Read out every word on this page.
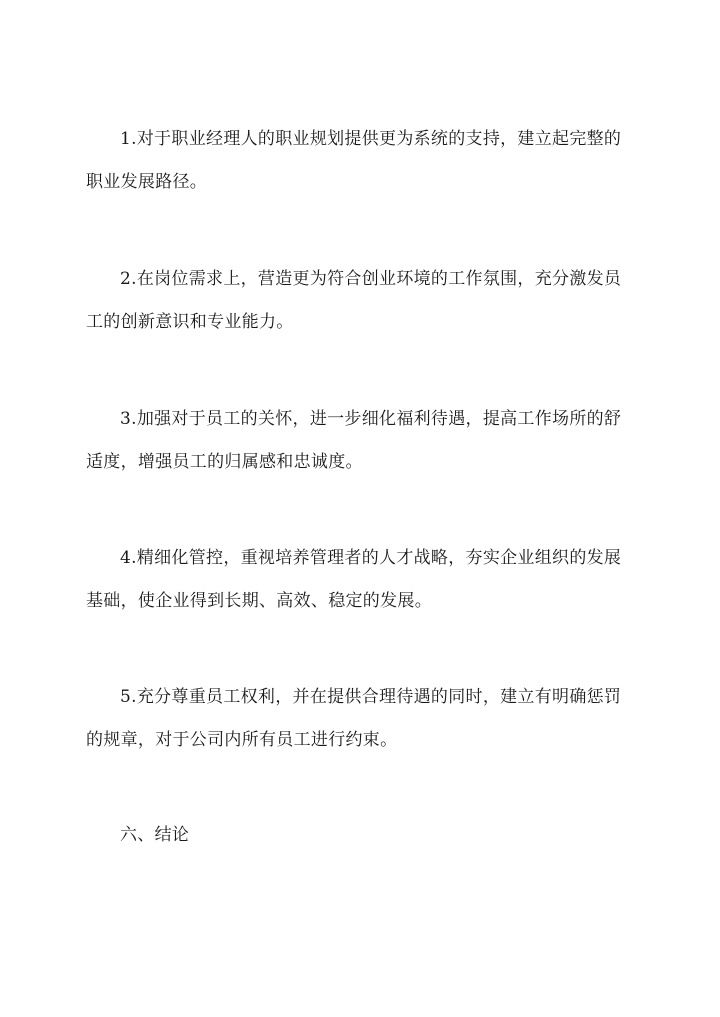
1.对于职业经理人的职业规划提供更为系统的支持，建立起完整的职业发展路径。

2.在岗位需求上，营造更为符合创业环境的工作氛围，充分激发员工的创新意识和专业能力。

3.加强对于员工的关怀，进一步细化福利待遇，提高工作场所的舒适度，增强员工的归属感和忠诚度。

4.精细化管控，重视培养管理者的人才战略，夯实企业组织的发展基础，使企业得到长期、高效、稳定的发展。

5.充分尊重员工权利，并在提供合理待遇的同时，建立有明确惩罚的规章，对于公司内所有员工进行约束。

六、结论
